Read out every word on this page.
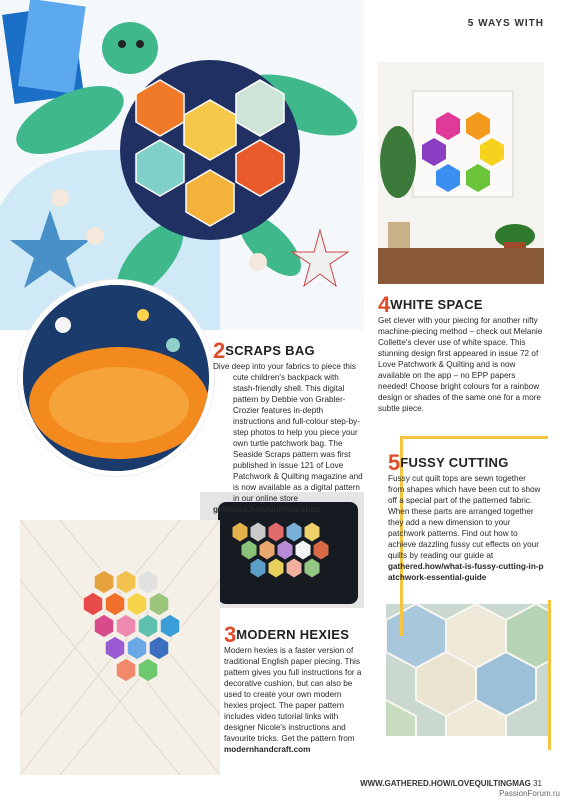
5 WAYS WITH
2SCRAPS BAG
Dive deep into your fabrics to piece this cute children's backpack with stash-friendly shell. This digital pattern by Debbie von Grabler-Crozier features in-depth instructions and full-colour step-by-step photos to help you piece your own turtle patchwork bag. The Seaside Scraps pattern was first published in issue 121 of Love Patchwork & Quilting magazine and is now available as a digital pattern in our online store
gathered.how/quilting-shop
3MODERN HEXIES
Modern hexies is a faster version of traditional English paper piecing. This pattern gives you full instructions for a decorative cushion, but can also be used to create your own modern hexies project. The paper pattern includes video tutorial links with designer Nicole's instructions and favourite tricks. Get the pattern from
modernhandcraft.com
4WHITE SPACE
Get clever with your piecing for another nifty machine-piecing method – check out Melanie Collette's clever use of white space. This stunning design first appeared in issue 72 of Love Patchwork & Quilting and is now available on the app – no EPP papers needed! Choose bright colours for a rainbow design or shades of the same one for a more subtle piece.
5FUSSY CUTTING
Fussy cut quilt tops are sewn together from shapes which have been cut to show off a special part of the patterned fabric. When these parts are arranged together they add a new dimension to your patchwork patterns. Find out how to achieve dazzling fussy cut effects on your quilts by reading our guide at
gathered.how/what-is-fussy-cutting-in-patchwork-essential-guide
WWW.GATHERED.HOW/LOVEQUILTINGMAG 31
PassionForum.ru
